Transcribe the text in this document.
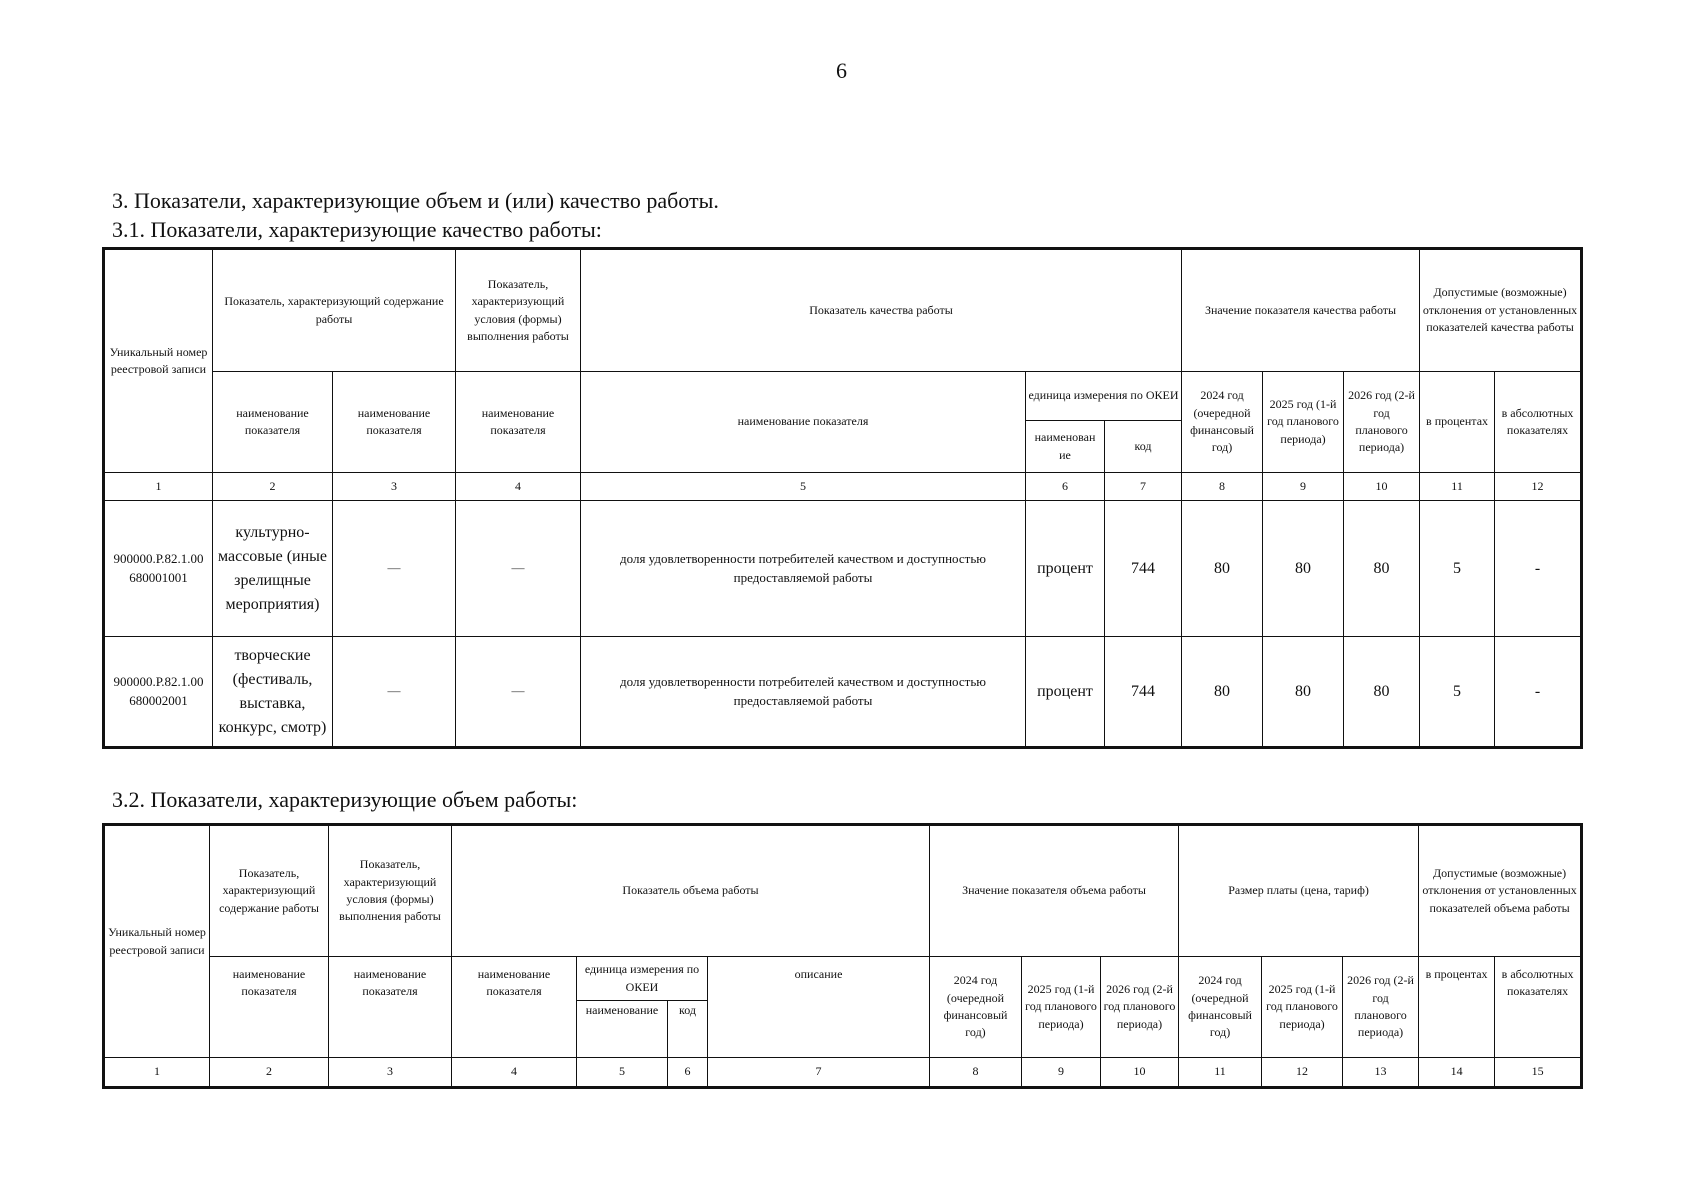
6
3. Показатели, характеризующие объем и (или) качество работы.
3.1. Показатели, характеризующие качество работы:
Уникальный номер реестровой записи	Показатель, характеризующий содержание работы		Показатель, характеризующий условия (формы) выполнения работы	Показатель качества работы			Значение показателя качества работы			Допустимые (возможные) отклонения от установленных показателей качества работы	
	наименование показателя	наименование показателя	наименование показателя	наименование показателя	единица измерения по ОКЕИ		2024 год (очередной финансовый год)	2025 год (1-й год планового периода)	2026 год (2-й год планового периода)	в процентах	в абсолютных показателях
					наименован ие	код					
1	2	3	4	5	6	7	8	9	10	11	12
900000.Р.82.1.00 680001001	культурно-массовые (иные зрелищные мероприятия)	—	—	доля удовлетворенности потребителей качеством и доступностью предоставляемой работы	процент	744	80	80	80	5	-
900000.Р.82.1.00 680002001	творческие (фестиваль, выставка, конкурс, смотр)	—	—	доля удовлетворенности потребителей качеством и доступностью предоставляемой работы	процент	744	80	80	80	5	-
3.2. Показатели, характеризующие объем работы:
Уникальный номер реестровой записи	Показатель, характеризующий содержание работы	Показатель, характеризующий условия (формы) выполнения работы	Показатель объема работы				Значение показателя объема работы			Размер платы (цена, тариф)			Допустимые (возможные) отклонения от установленных показателей объема работы	
	наименование показателя	наименование показателя	наименование показателя	единица измерения по ОКЕИ		описание	2024 год (очередной финансовый год)	2025 год (1-й год планового периода)	2026 год (2-й год планового периода)	2024 год (очередной финансовый год)	2025 год (1-й год планового периода)	2026 год (2-й год планового периода)	в процентах	в абсолютных показателях
				наименование	код									
1	2	3	4	5	6	7	8	9	10	11	12	13	14	15
